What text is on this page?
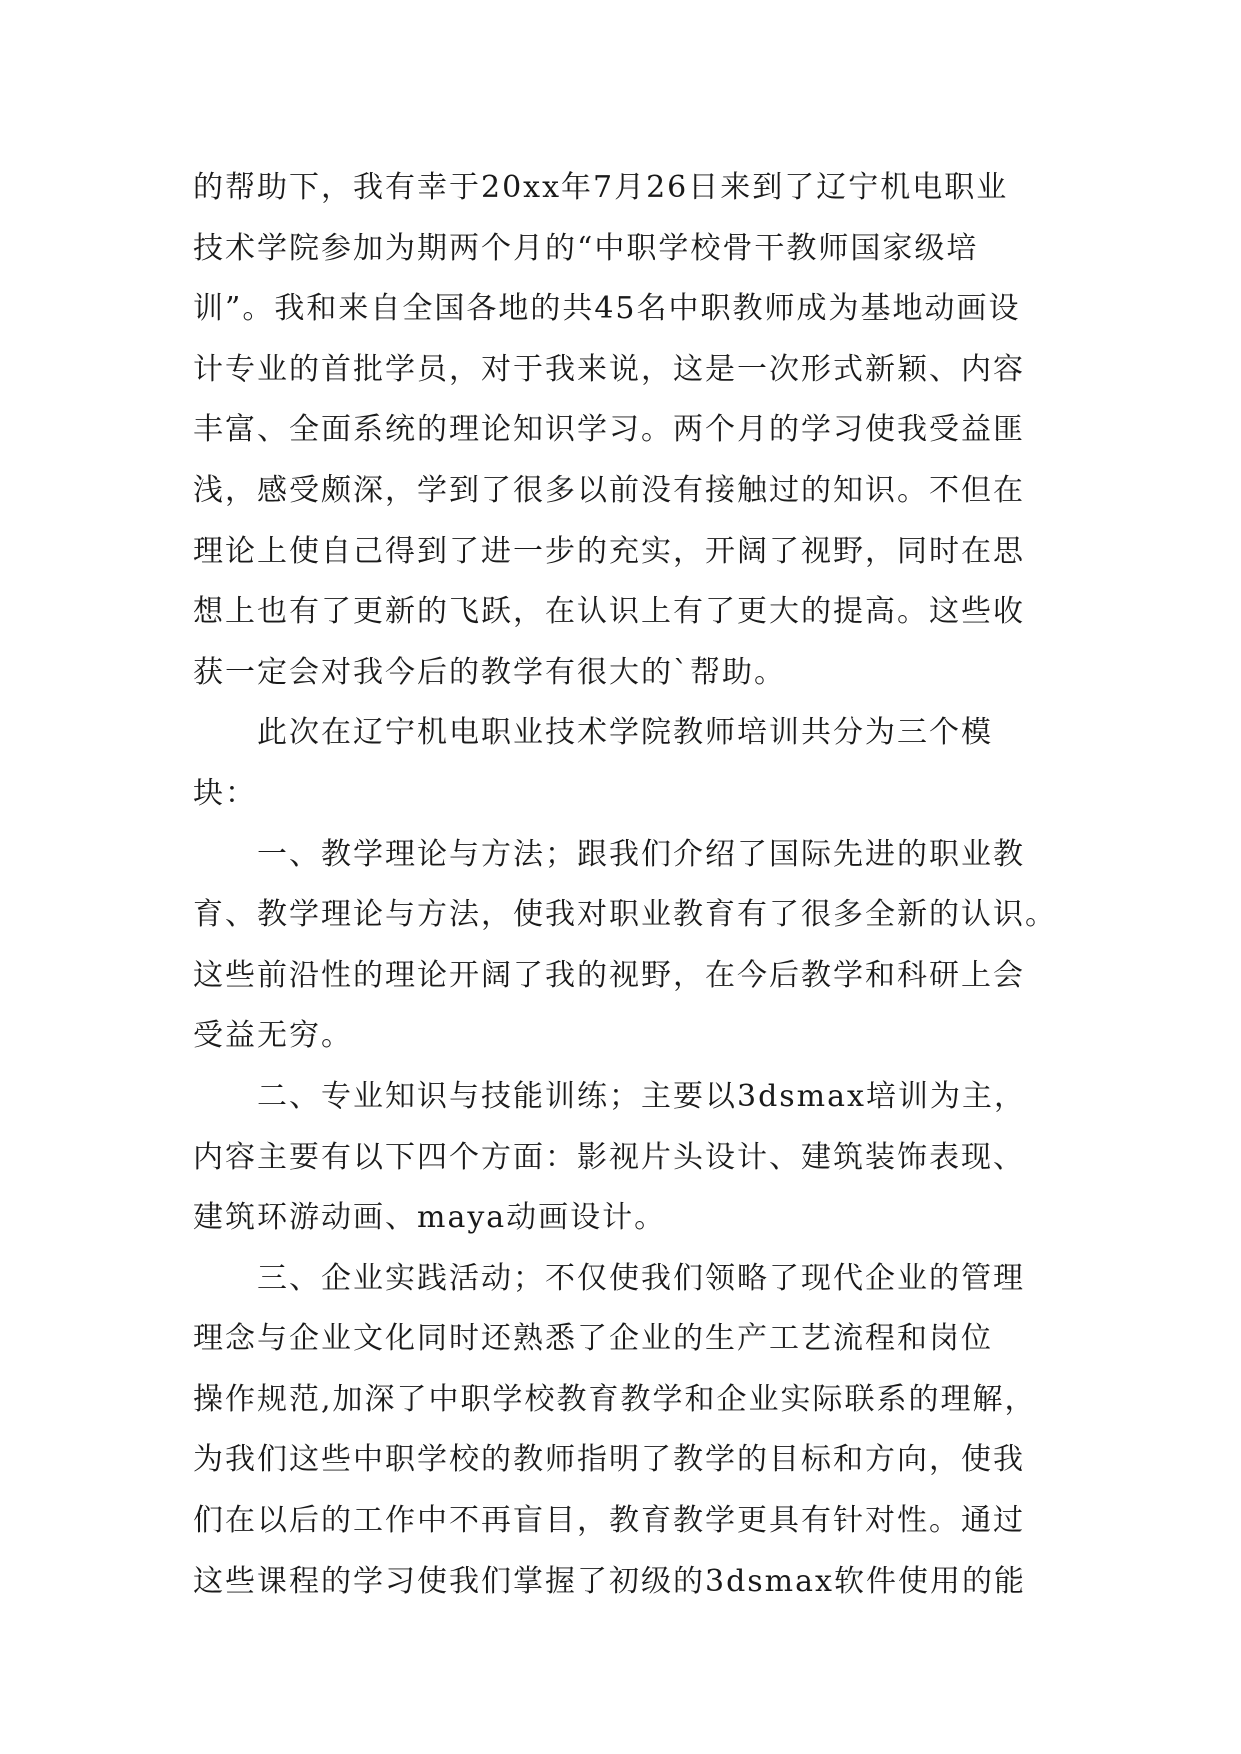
的帮助下，我有幸于20xx年7月26日来到了辽宁机电职业
技术学院参加为期两个月的“中职学校骨干教师国家级培
训”。我和来自全国各地的共45名中职教师成为基地动画设
计专业的首批学员，对于我来说，这是一次形式新颖、内容
丰富、全面系统的理论知识学习。两个月的学习使我受益匪
浅，感受颇深，学到了很多以前没有接触过的知识。不但在
理论上使自己得到了进一步的充实，开阔了视野，同时在思
想上也有了更新的飞跃，在认识上有了更大的提高。这些收
获一定会对我今后的教学有很大的`帮助。

此次在辽宁机电职业技术学院教师培训共分为三个模
块：

一、教学理论与方法；跟我们介绍了国际先进的职业教
育、教学理论与方法，使我对职业教育有了很多全新的认识。
这些前沿性的理论开阔了我的视野，在今后教学和科研上会
受益无穷。

二、专业知识与技能训练；主要以3dsmax培训为主，
内容主要有以下四个方面：影视片头设计、建筑装饰表现、
建筑环游动画、maya动画设计。

三、企业实践活动；不仅使我们领略了现代企业的管理
理念与企业文化同时还熟悉了企业的生产工艺流程和岗位
操作规范,加深了中职学校教育教学和企业实际联系的理解，
为我们这些中职学校的教师指明了教学的目标和方向，使我
们在以后的工作中不再盲目，教育教学更具有针对性。通过
这些课程的学习使我们掌握了初级的3dsmax软件使用的能
